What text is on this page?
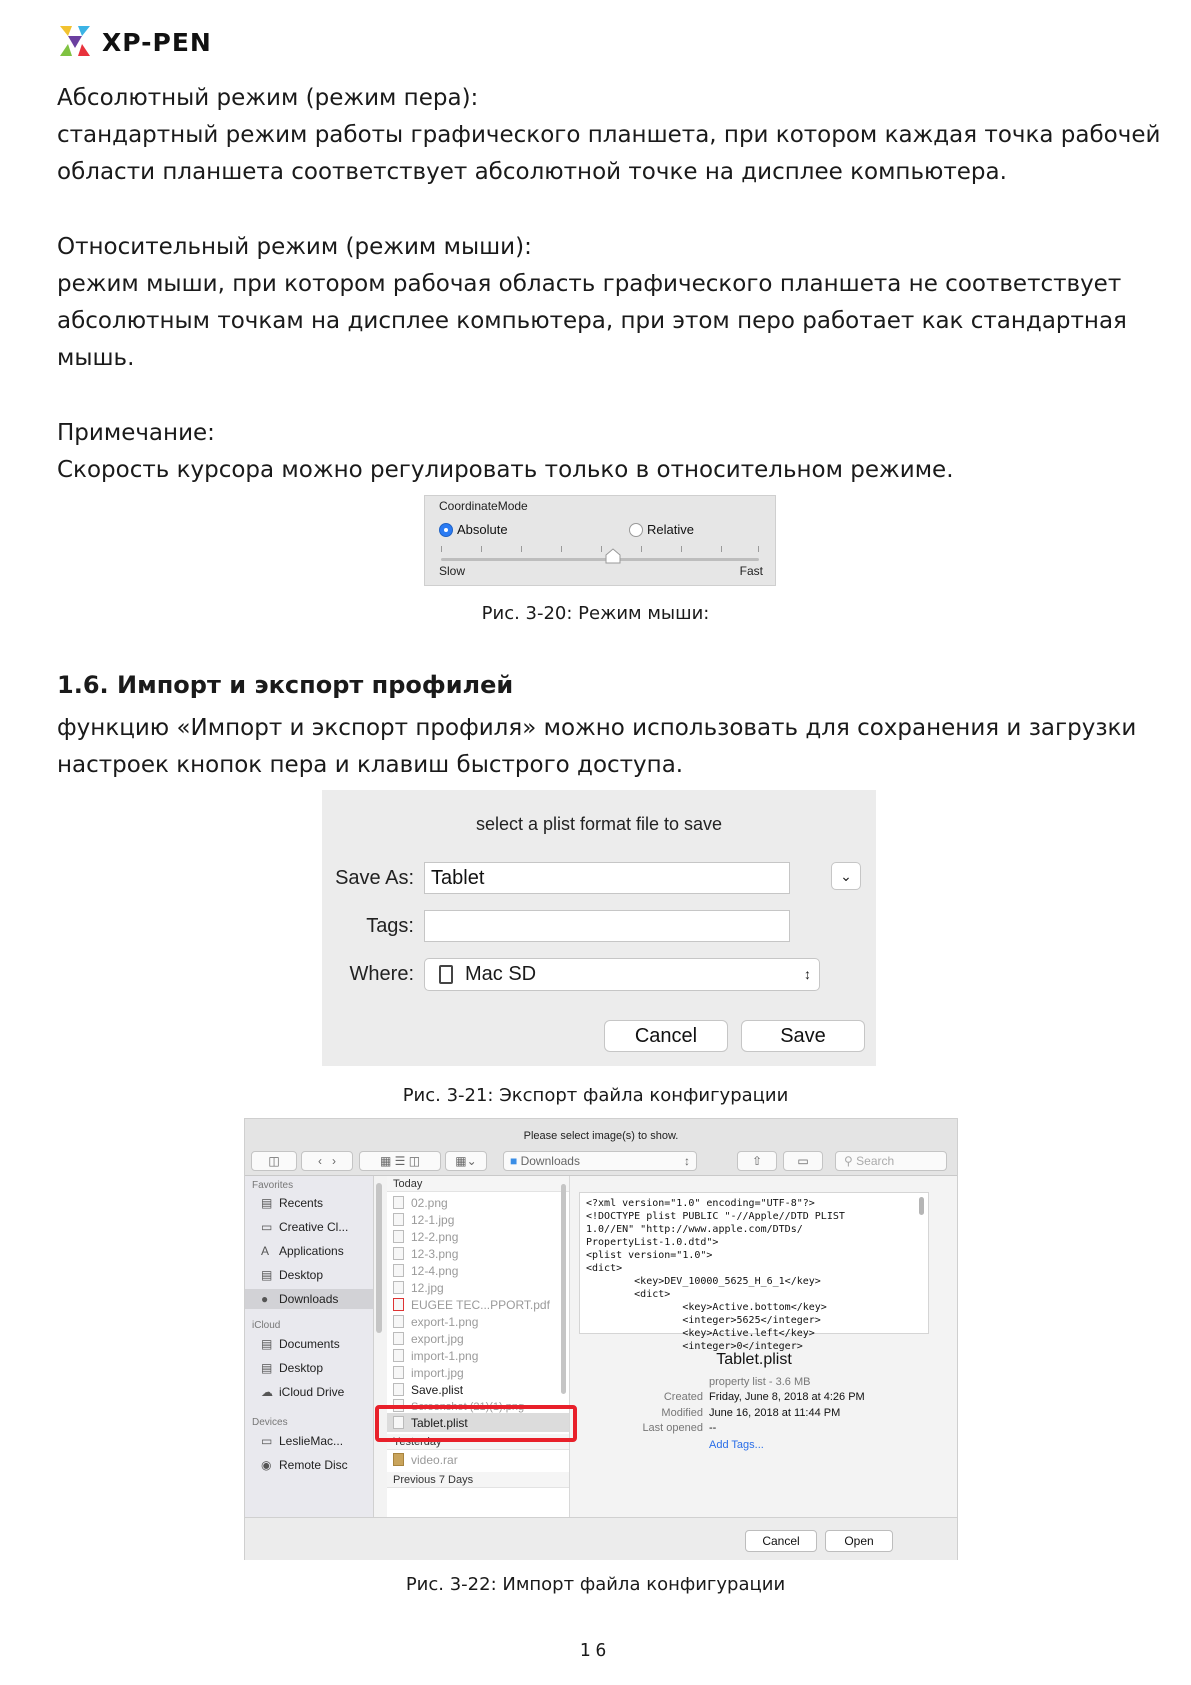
XP-PEN
Абсолютный режим (режим пера):
стандартный режим работы графического планшета, при котором каждая точка рабочей
области планшета соответствует абсолютной точке на дисплее компьютера.
Относительный режим (режим мыши):
режим мыши, при котором рабочая область графического планшета не соответствует
абсолютным точкам на дисплее компьютера, при этом перо работает как стандартная
мышь.
Примечание:
Скорость курсора можно регулировать только в относительном режиме.
CoordinateMode
Absolute	Relative
Slow	Fast
Рис. 3-20: Режим мыши:
1.6. Импорт и экспорт профилей
функцию «Импорт и экспорт профиля» можно использовать для сохранения и загрузки
настроек кнопок пера и клавиш быстрого доступа.
select a plist format file to save
Save As: Tablet	⌄
Tags:
Where:	Mac SD	↕
Cancel	Save
Рис. 3-21: Экспорт файла конфигурации
Please select image(s) to show.
◫	‹   ›	▦ ☰ ◫	▦⌄	■ Downloads	↕	⇧	▭	⚲ Search
Favorites
▤ Recents
▭ Creative Cl...
A Applications
▤ Desktop
● Downloads
iCloud
▤ Documents
▤ Desktop
☁ iCloud Drive
Devices
▭ LeslieMac...
◉ Remote Disc
Today
02.png
12-1.jpg
12-2.png
12-3.png
12-4.png
12.jpg
EUGEE TEC...PPORT.pdf
export-1.png
export.jpg
import-1.png
import.jpg
Save.plist
Screenshot (21)(1).png
Tablet.plist
Yesterday
video.rar
Previous 7 Days
<?xml version="1.0" encoding="UTF-8"?>
<!DOCTYPE plist PUBLIC "-//Apple//DTD PLIST
1.0//EN" "http://www.apple.com/DTDs/
PropertyList-1.0.dtd">
<plist version="1.0">
<dict>
<key>DEV_10000_5625_H_6_1</key>
<dict>
<key>Active.bottom</key>
<integer>5625</integer>
<key>Active.left</key>
<integer>0</integer>
Tablet.plist
property list - 3.6 MB
Created Friday, June 8, 2018 at 4:26 PM
Modified June 16, 2018 at 11:44 PM
Last opened --
Add Tags...
Cancel	Open
Рис. 3-22: Импорт файла конфигурации
16
